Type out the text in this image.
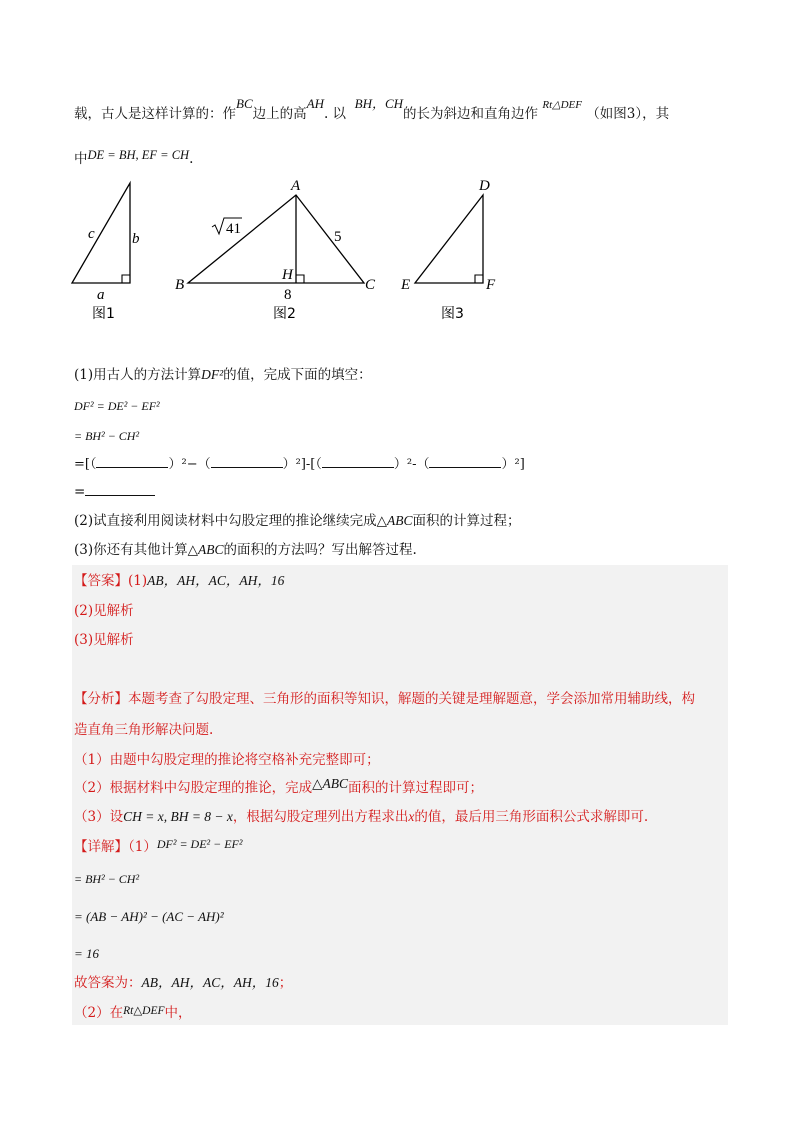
载，古人是这样计算的：作BC边上的高AH. 以  BH，CH的长为斜边和直角边作 $^{Rt\triangle DEF}$ （如图3），其
中DE = BH, EF = CH.
c b
a
图1
A
B	C
H
41	5
8
图2
D
E	F
图3
(1)用古人的方法计算DF²的值，完成下面的填空：
DF² = DE² − EF²
= BH² − CH²
=[（	）²−（	）²]-[（	）²-（	）²]
=
(2)试直接利用阅读材料中勾股定理的推论继续完成△ABC面积的计算过程；
(3)你还有其他计算△ABC的面积的方法吗？写出解答过程.
【答案】(1)AB，AH，AC，AH，16
(2)见解析
(3)见解析
【分析】本题考查了勾股定理、三角形的面积等知识，解题的关键是理解题意，学会添加常用辅助线，构
造直角三角形解决问题.
（1）由题中勾股定理的推论将空格补充完整即可；
（2）根据材料中勾股定理的推论，完成△ABC面积的计算过程即可；
（3）设CH = x, BH = 8 − x，根据勾股定理列出方程求出x的值，最后用三角形面积公式求解即可.
【详解】（1）DF² = DE² − EF²
= BH² − CH²
= (AB − AH)² − (AC − AH)²
= 16
故答案为：AB，AH，AC，AH，16；
（2）在Rt△DEF中，
